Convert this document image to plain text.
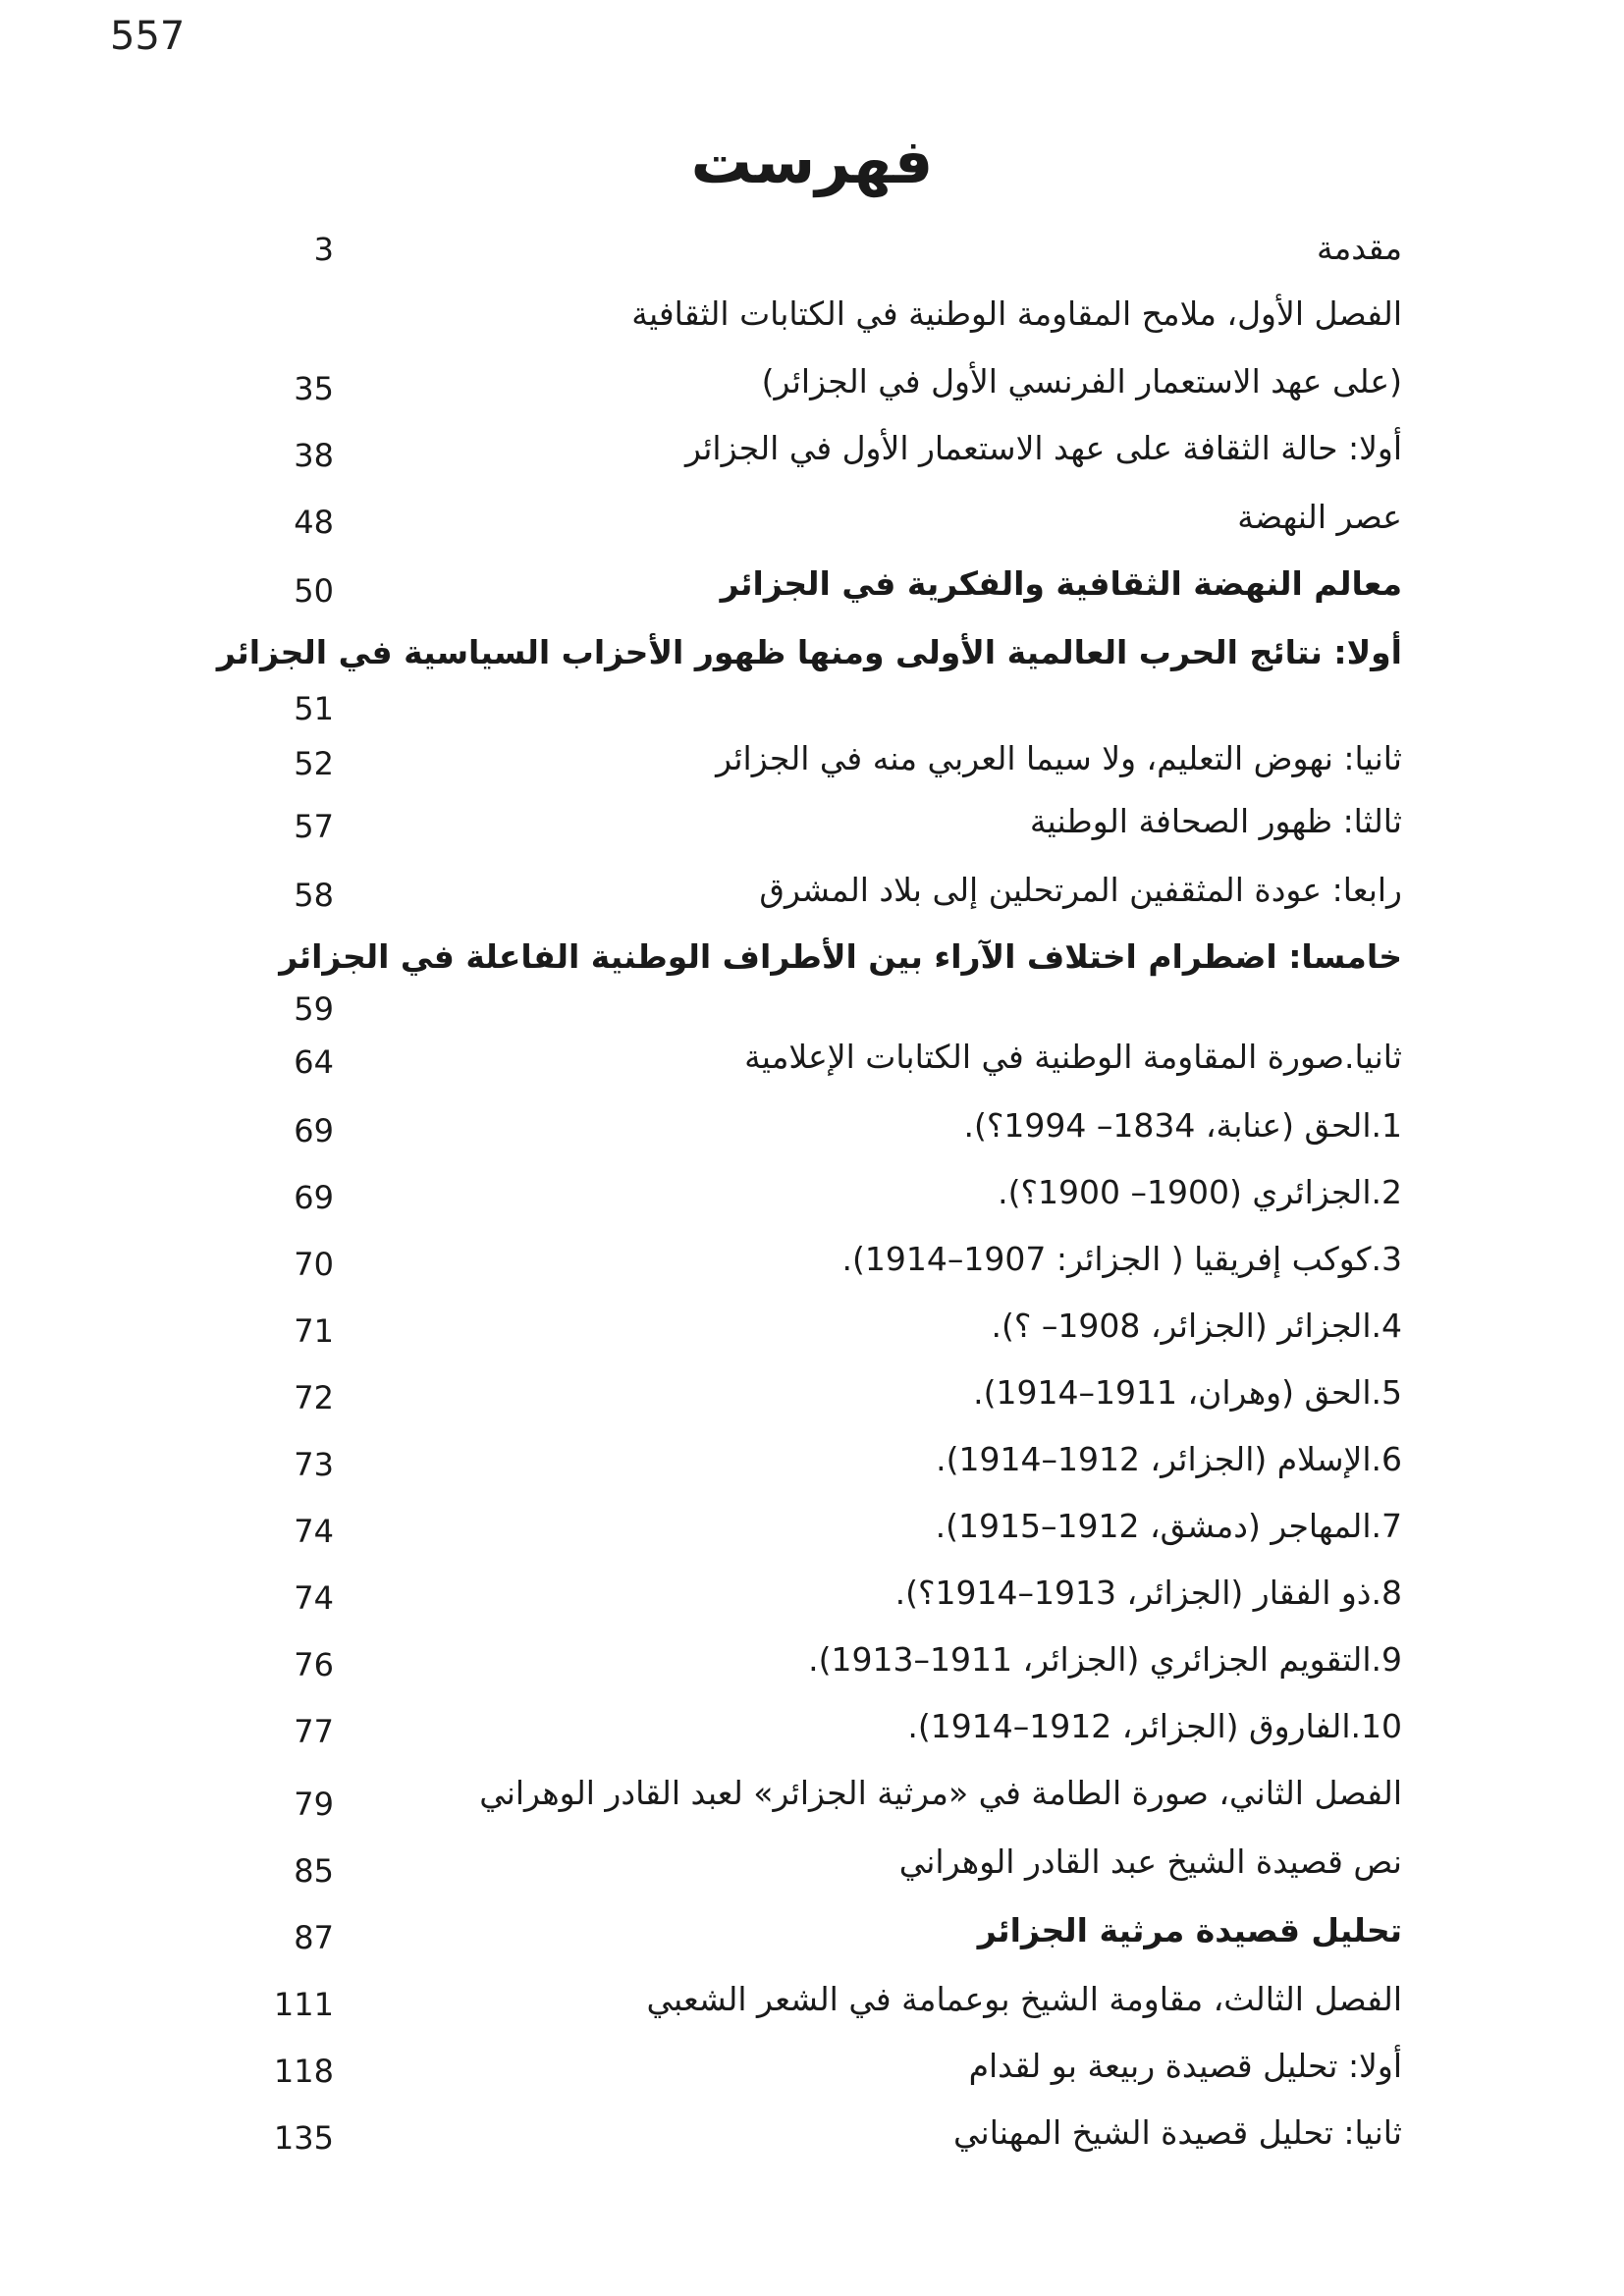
557
فهرست
مقدمة
3
الفصل الأول، ملامح المقاومة الوطنية في الكتابات الثقافية
(على عهد الاستعمار الفرنسي الأول في الجزائر)
35
أولا: حالة الثقافة على عهد الاستعمار الأول في الجزائر
38
عصر النهضة
48
معالم النهضة الثقافية والفكرية في الجزائر
50
أولا: نتائج الحرب العالمية الأولى ومنها ظهور الأحزاب السياسية في الجزائر
51
ثانيا: نهوض التعليم، ولا سيما العربي منه في الجزائر
52
ثالثا: ظهور الصحافة الوطنية
57
رابعا: عودة المثقفين المرتحلين إلى بلاد المشرق
58
خامسا: اضطرام اختلاف الآراء بين الأطراف الوطنية الفاعلة في الجزائر
59
ثانيا.صورة المقاومة الوطنية في الكتابات الإعلامية
64
1.الحق (عنابة، 1834– 1994؟).
69
2.الجزائري (1900– 1900؟).
69
3.كوكب إفريقيا ( الجزائر: 1907–1914).
70
4.الجزائر (الجزائر، 1908– ؟).
71
5.الحق (وهران، 1911–1914).
72
6.الإسلام (الجزائر، 1912–1914).
73
7.المهاجر (دمشق، 1912–1915).
74
8.ذو الفقار (الجزائر، 1913–1914؟).
74
9.التقويم الجزائري (الجزائر، 1911–1913).
76
10.الفاروق (الجزائر، 1912–1914).
77
الفصل الثاني، صورة الطامة في «مرثية الجزائر» لعبد القادر الوهراني
79
نص قصيدة الشيخ عبد القادر الوهراني
85
تحليل قصيدة مرثية الجزائر
87
الفصل الثالث، مقاومة الشيخ بوعمامة في الشعر الشعبي
111
أولا: تحليل قصيدة ربيعة بو لقدام
118
ثانيا: تحليل قصيدة الشيخ المهناني
135
